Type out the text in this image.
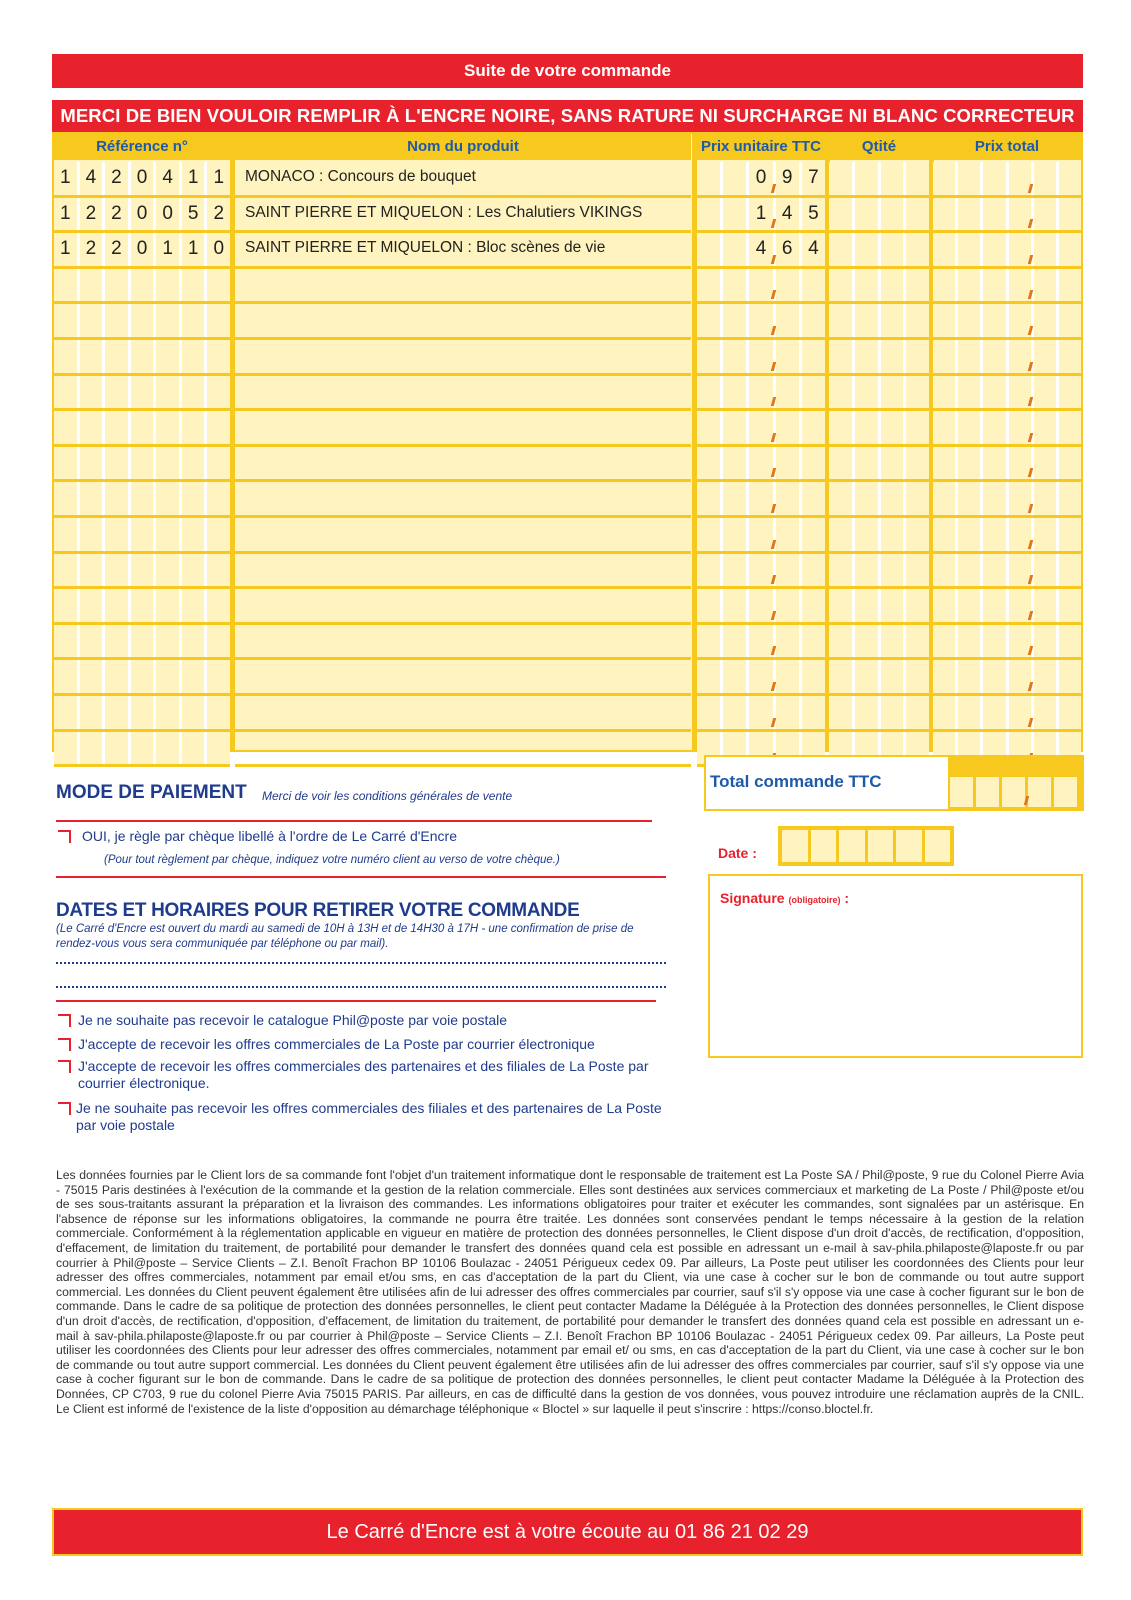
Suite de votre commande
MERCI DE BIEN VOULOIR REMPLIR À L'ENCRE NOIRE, SANS RATURE NI SURCHARGE NI BLANC CORRECTEUR
Référence n°
1 4 2 0 4 1 1
1 2 2 0 0 5 2
1 2 2 0 1 1 0
Nom du produit
MONACO : Concours de bouquet
SAINT PIERRE ET MIQUELON : Les Chalutiers VIKINGS
SAINT PIERRE ET MIQUELON : Bloc scènes de vie
Prix unitaire TTC
0 9 7
1 4 5
4 6 4
Qtité	Prix total
MODE DE PAIEMENT Merci de voir les conditions générales de vente
OUI, je règle par chèque libellé à l'ordre de Le Carré d'Encre
(Pour tout règlement par chèque, indiquez votre numéro client au verso de votre chèque.)
DATES ET HORAIRES POUR RETIRER VOTRE COMMANDE
(Le Carré d'Encre est ouvert du mardi au samedi de 10H à 13H et de 14H30 à 17H - une confirmation de prise de rendez-vous vous sera communiquée par téléphone ou par mail).
Je ne souhaite pas recevoir le catalogue Phil@poste par voie postale
J'accepte de recevoir les offres commerciales de La Poste par courrier électronique
J'accepte de recevoir les offres commerciales des partenaires et des filiales de La Poste par courrier électronique.
Je ne souhaite pas recevoir les offres commerciales des filiales et des partenaires de La Poste par voie postale
Total commande TTC
Date :
Signature (obligatoire) :
Les données fournies par le Client lors de sa commande font l'objet d'un traitement informatique dont le responsable de traitement est La Poste SA / Phil@poste, 9 rue du Colonel Pierre Avia - 75015 Paris destinées à l'exécution de la commande et la gestion de la relation commerciale. Elles sont destinées aux services commerciaux et marketing de La Poste / Phil@poste et/ou de ses sous-traitants assurant la préparation et la livraison des commandes. Les informations obligatoires pour traiter et exécuter les commandes, sont signalées par un astérisque. En l'absence de réponse sur les informations obligatoires, la commande ne pourra être traitée. Les données sont conservées pendant le temps nécessaire à la gestion de la relation commerciale. Conformément à la réglementation applicable en vigueur en matière de protection des données personnelles, le Client dispose d'un droit d'accès, de rectification, d'opposition, d'effacement, de limitation du traitement, de portabilité pour demander le transfert des données quand cela est possible en adressant un e-mail à sav-phila.philaposte@laposte.fr ou par courrier à Phil@poste – Service Clients – Z.I. Benoît Frachon BP 10106 Boulazac - 24051 Périgueux cedex 09. Par ailleurs, La Poste peut utiliser les coordonnées des Clients pour leur adresser des offres commerciales, notamment par email et/ou sms, en cas d'acceptation de la part du Client, via une case à cocher sur le bon de commande ou tout autre support commercial. Les données du Client peuvent également être utilisées afin de lui adresser des offres commerciales par courrier, sauf s'il s'y oppose via une case à cocher figurant sur le bon de commande. Dans le cadre de sa politique de protection des données personnelles, le client peut contacter Madame la Déléguée à la Protection des données personnelles, le Client dispose d'un droit d'accès, de rectification, d'opposition, d'effacement, de limitation du traitement, de portabilité pour demander le transfert des données quand cela est possible en adressant un e-mail à sav-phila.philaposte@laposte.fr ou par courrier à Phil@poste – Service Clients – Z.I. Benoît Frachon BP 10106 Boulazac - 24051 Périgueux cedex 09. Par ailleurs, La Poste peut utiliser les coordonnées des Clients pour leur adresser des offres commerciales, notamment par email et/ ou sms, en cas d'acceptation de la part du Client, via une case à cocher sur le bon de commande ou tout autre support commercial. Les données du Client peuvent également être utilisées afin de lui adresser des offres commerciales par courrier, sauf s'il s'y oppose via une case à cocher figurant sur le bon de commande. Dans le cadre de sa politique de protection des données personnelles, le client peut contacter Madame la Déléguée à la Protection des Données, CP C703, 9 rue du colonel Pierre Avia 75015 PARIS. Par ailleurs, en cas de difficulté dans la gestion de vos données, vous pouvez introduire une réclamation auprès de la CNIL. Le Client est informé de l'existence de la liste d'opposition au démarchage téléphonique « Bloctel » sur laquelle il peut s'inscrire : https://conso.bloctel.fr.
Le Carré d'Encre est à votre écoute au 01 86 21 02 29
